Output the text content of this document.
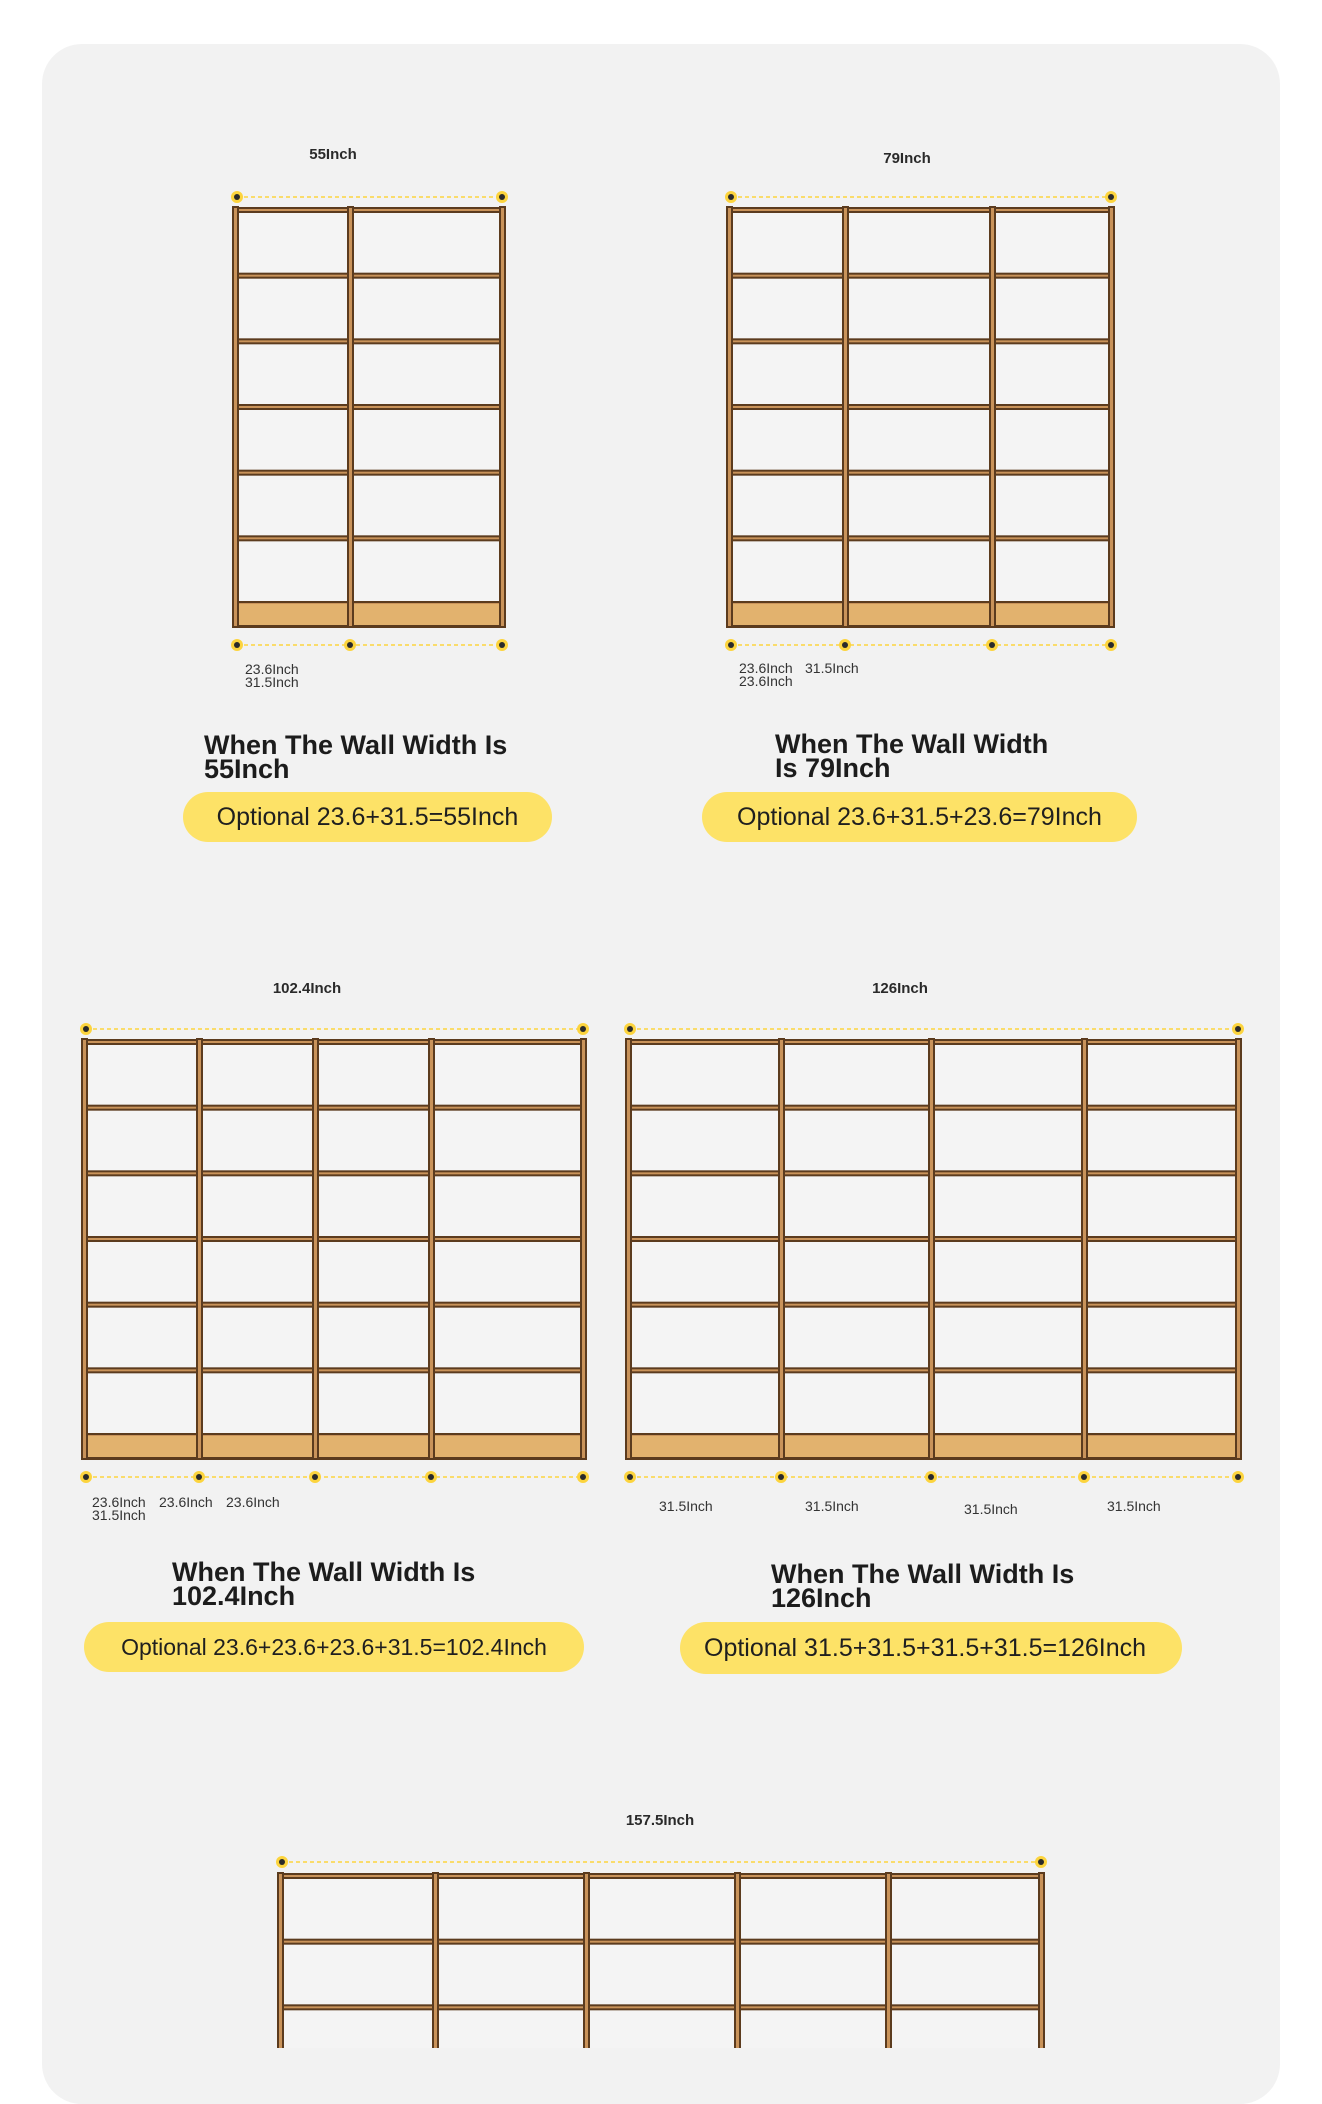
55Inch
23.6Inch
31.5Inch
When The Wall Width Is 55Inch
Optional 23.6+31.5=55Inch
79Inch
23.6Inch 31.5Inch
23.6Inch
When The Wall Width Is 79Inch
Optional 23.6+31.5+23.6=79Inch
102.4Inch
23.6Inch 23.6Inch 23.6Inch
31.5Inch
When The Wall Width Is 102.4Inch
Optional 23.6+23.6+23.6+31.5=102.4Inch
126Inch
31.5Inch	31.5Inch	31.5Inch	31.5Inch
When The Wall Width Is 126Inch
Optional 31.5+31.5+31.5+31.5=126Inch
157.5Inch
